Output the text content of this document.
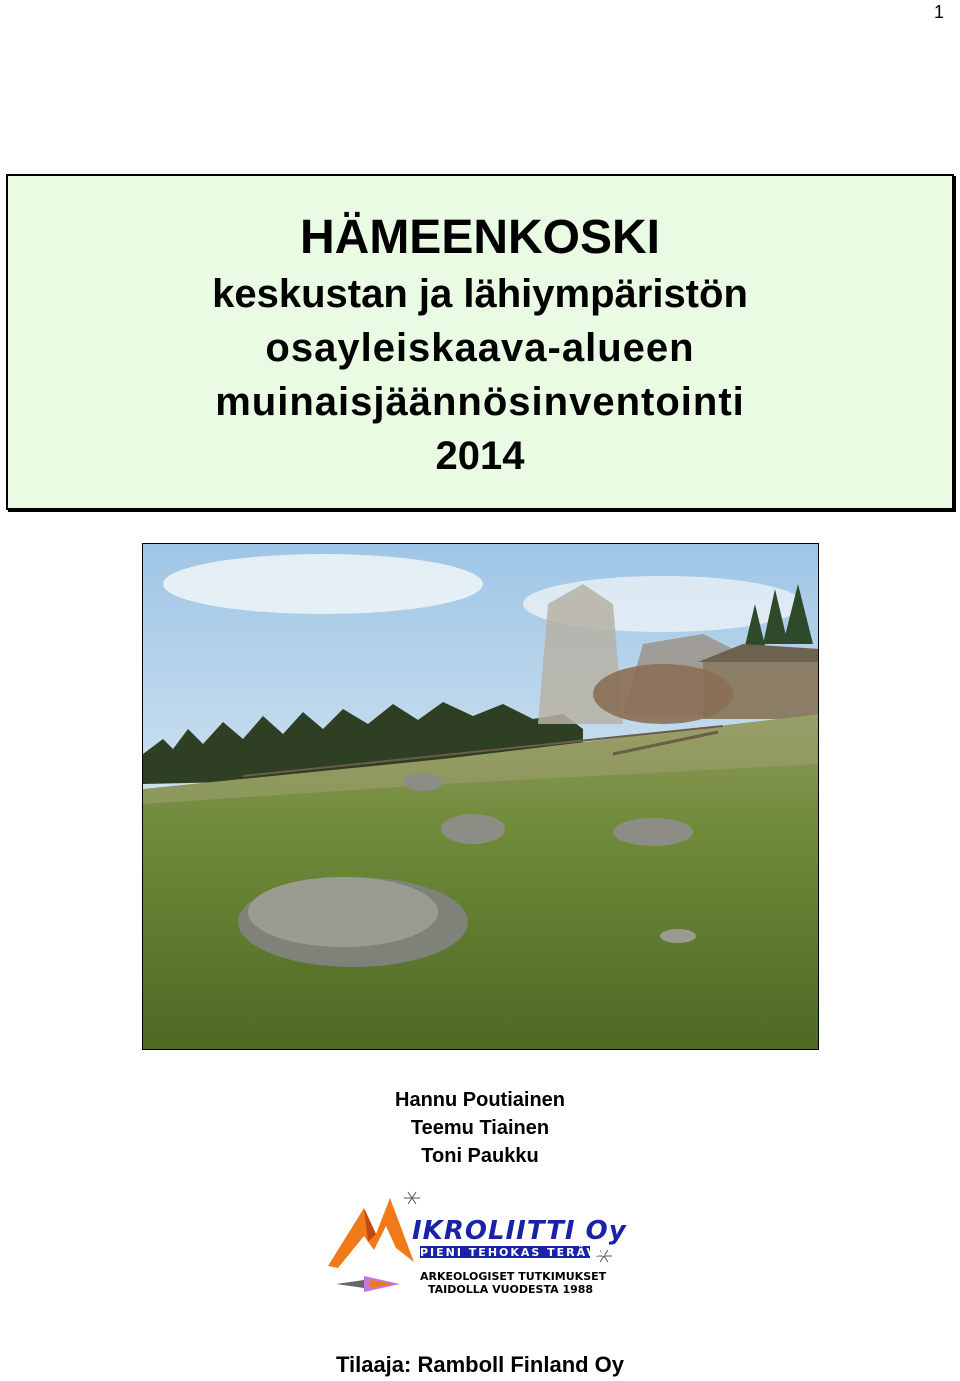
1
HÄMEENKOSKI
keskustan ja lähiympäristön
osayleiskaava-alueen
muinaisjäännösinventointi
2014
Hannu Poutiainen
Teemu Tiainen
Toni Paukku
IKROLIITTI Oy
PIENI TEHOKAS TERÄVÄ
ARKEOLOGISET TUTKIMUKSET
TAIDOLLA VUODESTA 1988
Tilaaja: Ramboll Finland Oy
